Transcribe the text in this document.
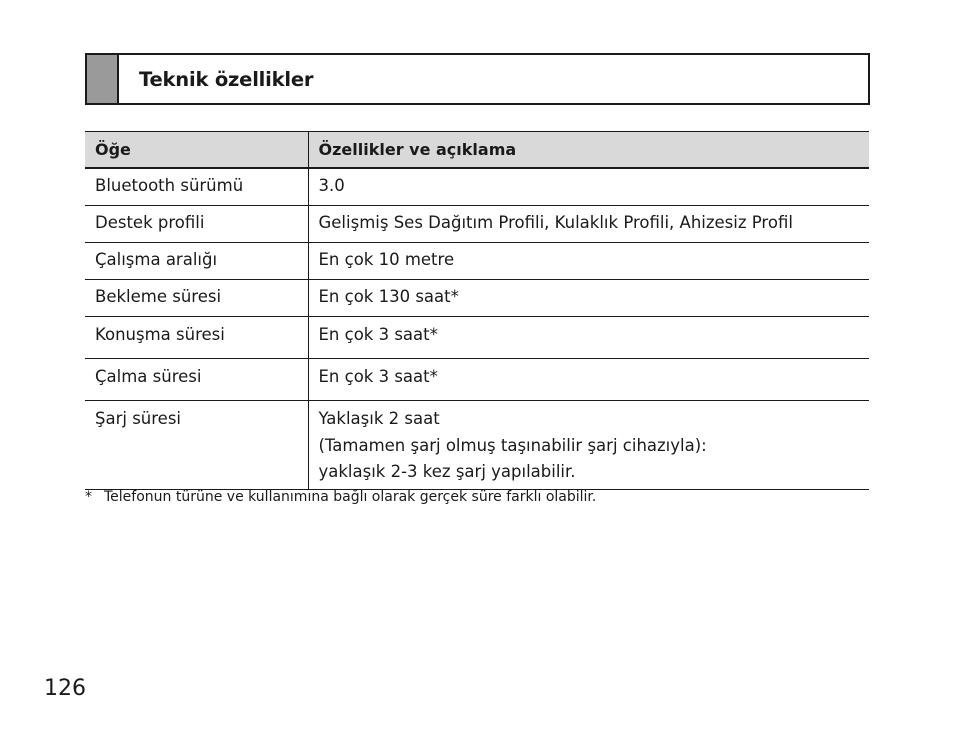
Teknik özellikler
Öğe	Özellikler ve açıklama
Bluetooth sürümü	3.0
Destek profili	Gelişmiş Ses Dağıtım Profili, Kulaklık Profili, Ahizesiz Profil
Çalışma aralığı	En çok 10 metre
Bekleme süresi	En çok 130 saat*
Konuşma süresi	En çok 3 saat*
Çalma süresi	En çok 3 saat*
Şarj süresi	Yaklaşık 2 saat
(Tamamen şarj olmuş taşınabilir şarj cihazıyla):
yaklaşık 2-3 kez şarj yapılabilir.
* Telefonun türüne ve kullanımına bağlı olarak gerçek süre farklı olabilir.
126
